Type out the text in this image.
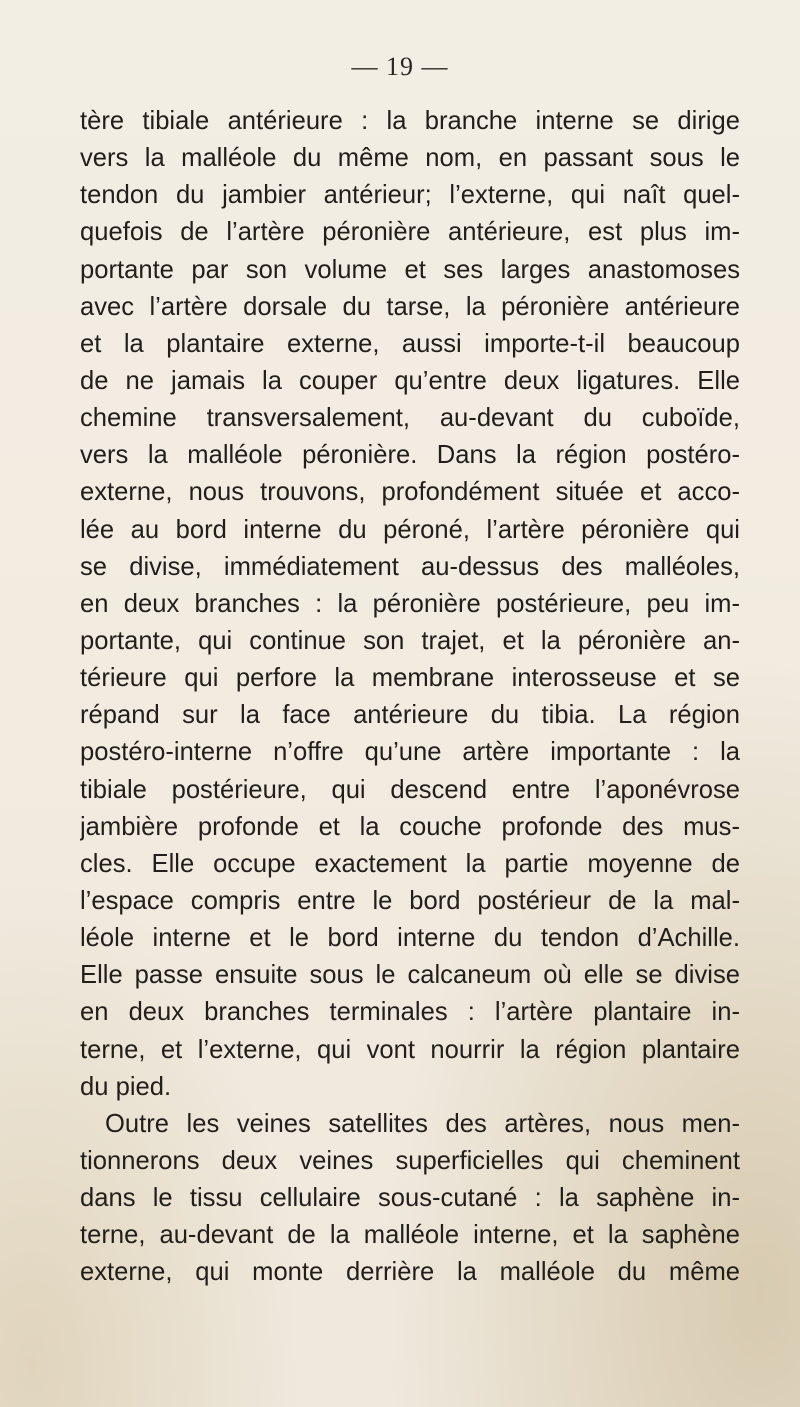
— 19 —
tère tibiale antérieure : la branche interne se dirige
vers la malléole du même nom, en passant sous le
tendon du jambier antérieur; l’externe, qui naît quel-
quefois de l’artère péronière antérieure, est plus im-
portante par son volume et ses larges anastomoses
avec l’artère dorsale du tarse, la péronière antérieure
et la plantaire externe, aussi importe-t-il beaucoup
de ne jamais la couper qu’entre deux ligatures. Elle
chemine transversalement, au-devant du cuboïde,
vers la malléole péronière. Dans la région postéro-
externe, nous trouvons, profondément située et acco-
lée au bord interne du péroné, l’artère péronière qui
se divise, immédiatement au-dessus des malléoles,
en deux branches : la péronière postérieure, peu im-
portante, qui continue son trajet, et la péronière an-
térieure qui perfore la membrane interosseuse et se
répand sur la face antérieure du tibia. La région
postéro-interne n’offre qu’une artère importante : la
tibiale postérieure, qui descend entre l’aponévrose
jambière profonde et la couche profonde des mus-
cles. Elle occupe exactement la partie moyenne de
l’espace compris entre le bord postérieur de la mal-
léole interne et le bord interne du tendon d’Achille.
Elle passe ensuite sous le calcaneum où elle se divise
en deux branches terminales : l’artère plantaire in-
terne, et l’externe, qui vont nourrir la région plantaire
du pied.
Outre les veines satellites des artères, nous men-
tionnerons deux veines superficielles qui cheminent
dans le tissu cellulaire sous-cutané : la saphène in-
terne, au-devant de la malléole interne, et la saphène
externe, qui monte derrière la malléole du même
